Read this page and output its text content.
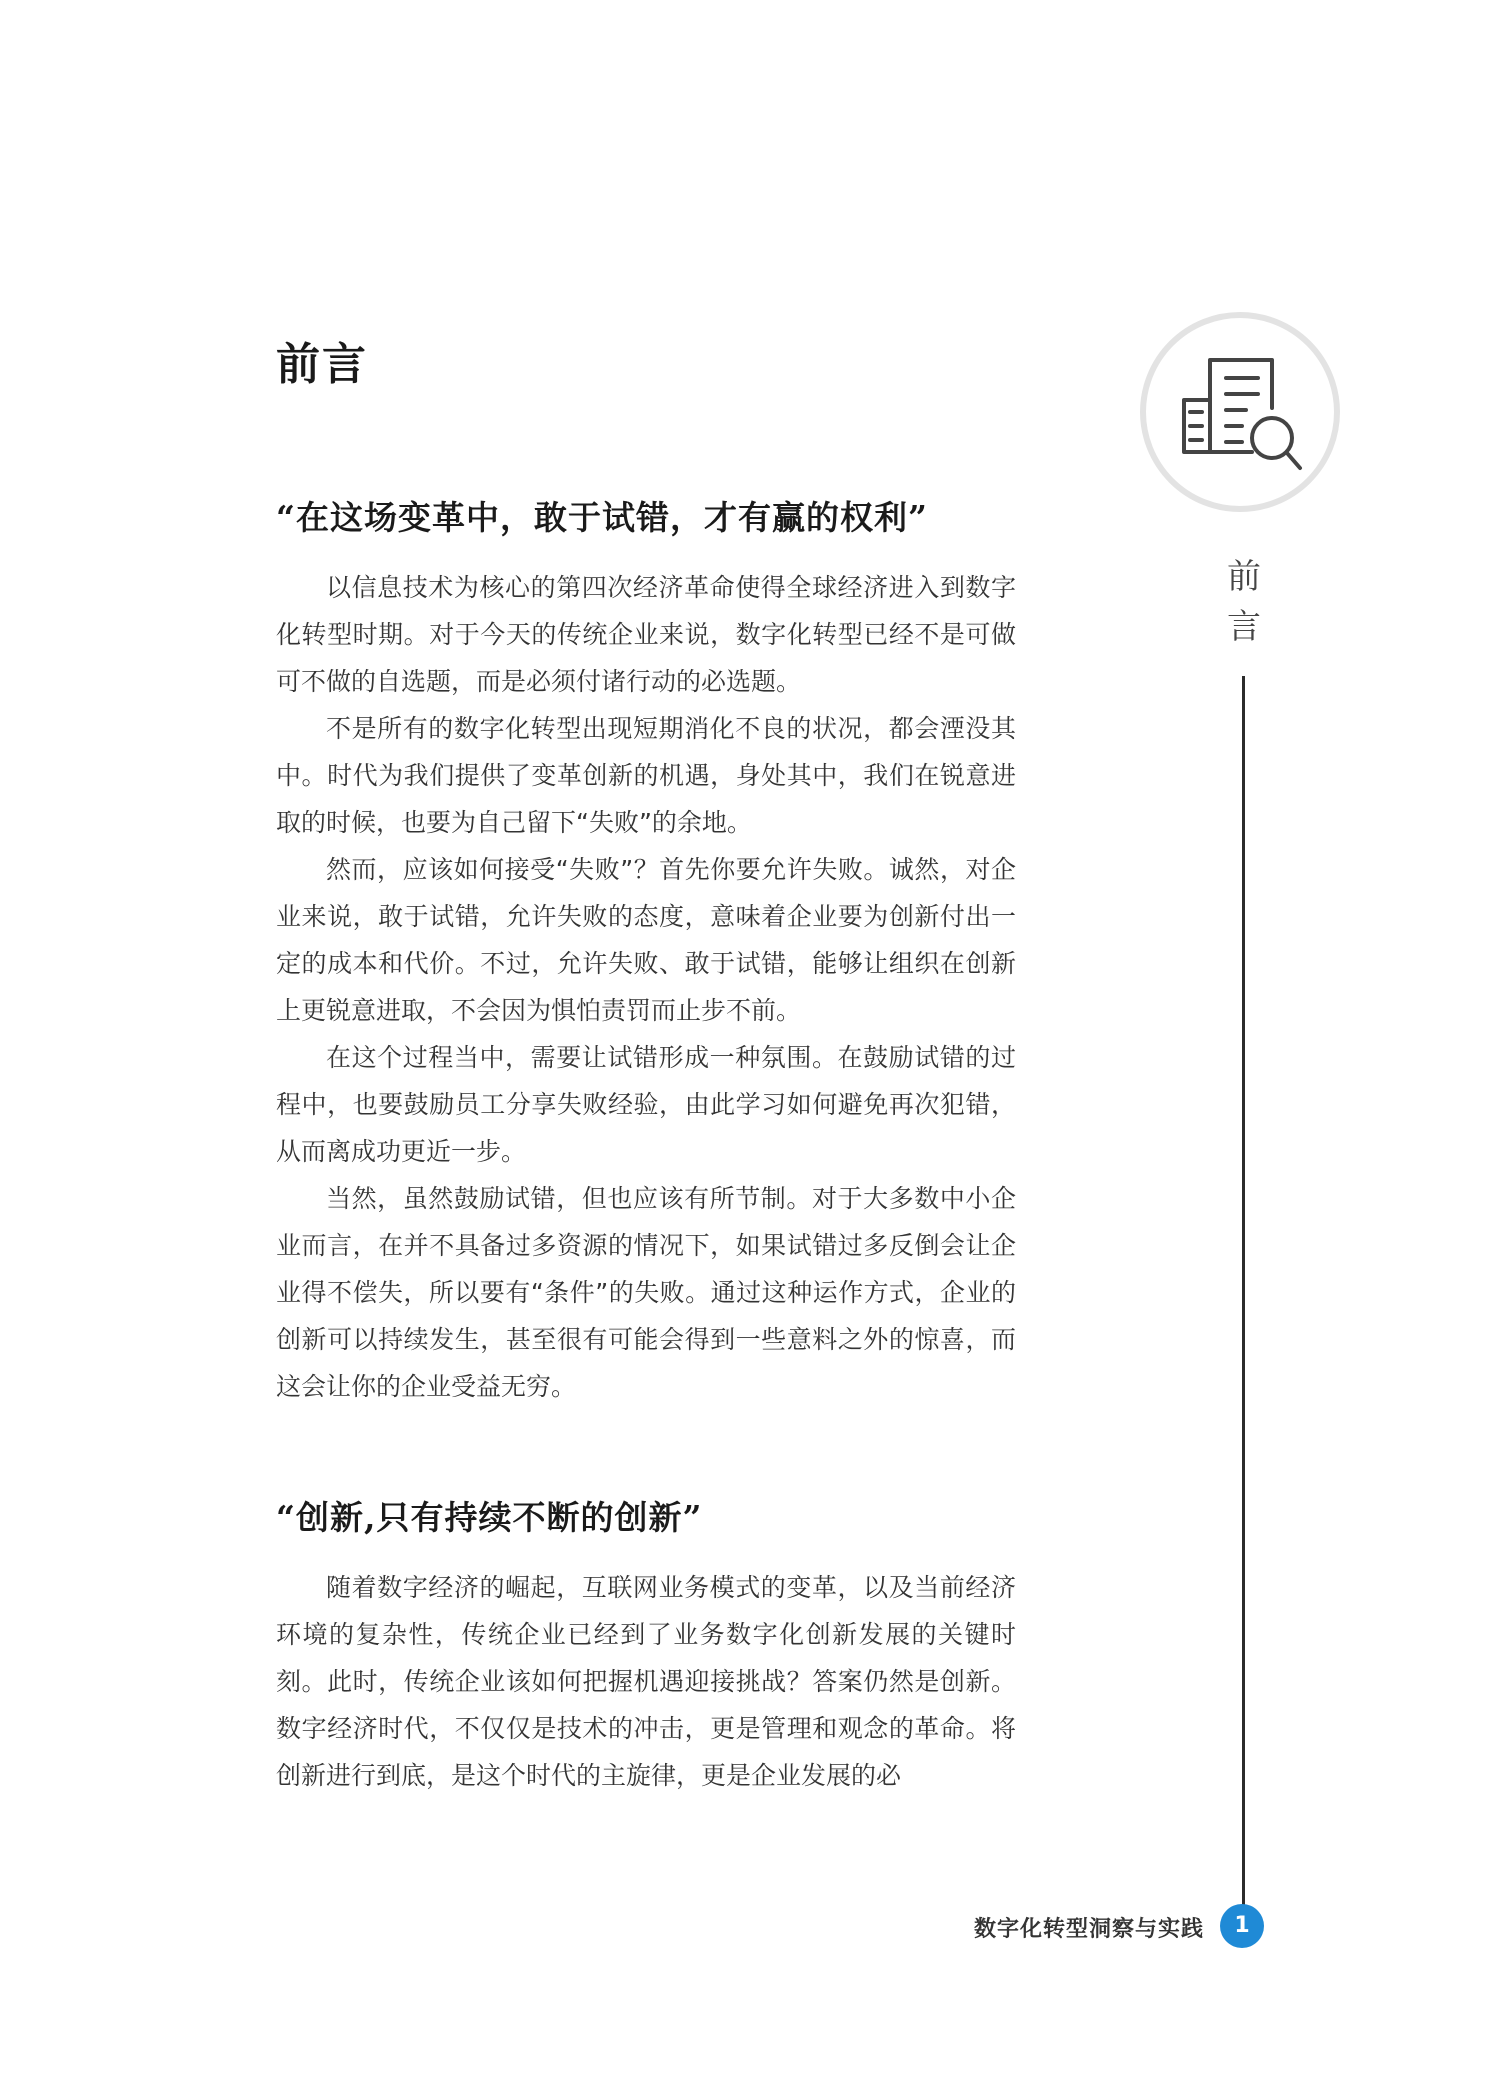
前言
前言
“在这场变革中，敢于试错，才有赢的权利”

以信息技术为核心的第四次经济革命使得全球经济进入到数字化转型时期。对于今天的传统企业来说，数字化转型已经不是可做可不做的自选题，而是必须付诸行动的必选题。

不是所有的数字化转型出现短期消化不良的状况，都会湮没其中。时代为我们提供了变革创新的机遇，身处其中，我们在锐意进取的时候，也要为自己留下“失败”的余地。

然而，应该如何接受“失败”？首先你要允许失败。诚然，对企业来说，敢于试错，允许失败的态度，意味着企业要为创新付出一定的成本和代价。不过，允许失败、敢于试错，能够让组织在创新上更锐意进取，不会因为惧怕责罚而止步不前。

在这个过程当中，需要让试错形成一种氛围。在鼓励试错的过程中，也要鼓励员工分享失败经验，由此学习如何避免再次犯错，从而离成功更近一步。

当然，虽然鼓励试错，但也应该有所节制。对于大多数中小企业而言，在并不具备过多资源的情况下，如果试错过多反倒会让企业得不偿失，所以要有“条件”的失败。通过这种运作方式，企业的创新可以持续发生，甚至很有可能会得到一些意料之外的惊喜，而这会让你的企业受益无穷。

“创新,只有持续不断的创新”

随着数字经济的崛起，互联网业务模式的变革，以及当前经济环境的复杂性，传统企业已经到了业务数字化创新发展的关键时刻。此时，传统企业该如何把握机遇迎接挑战？答案仍然是创新。数字经济时代，不仅仅是技术的冲击，更是管理和观念的革命。将创新进行到底，是这个时代的主旋律，更是企业发展的必

数字化转型洞察与实践	1
